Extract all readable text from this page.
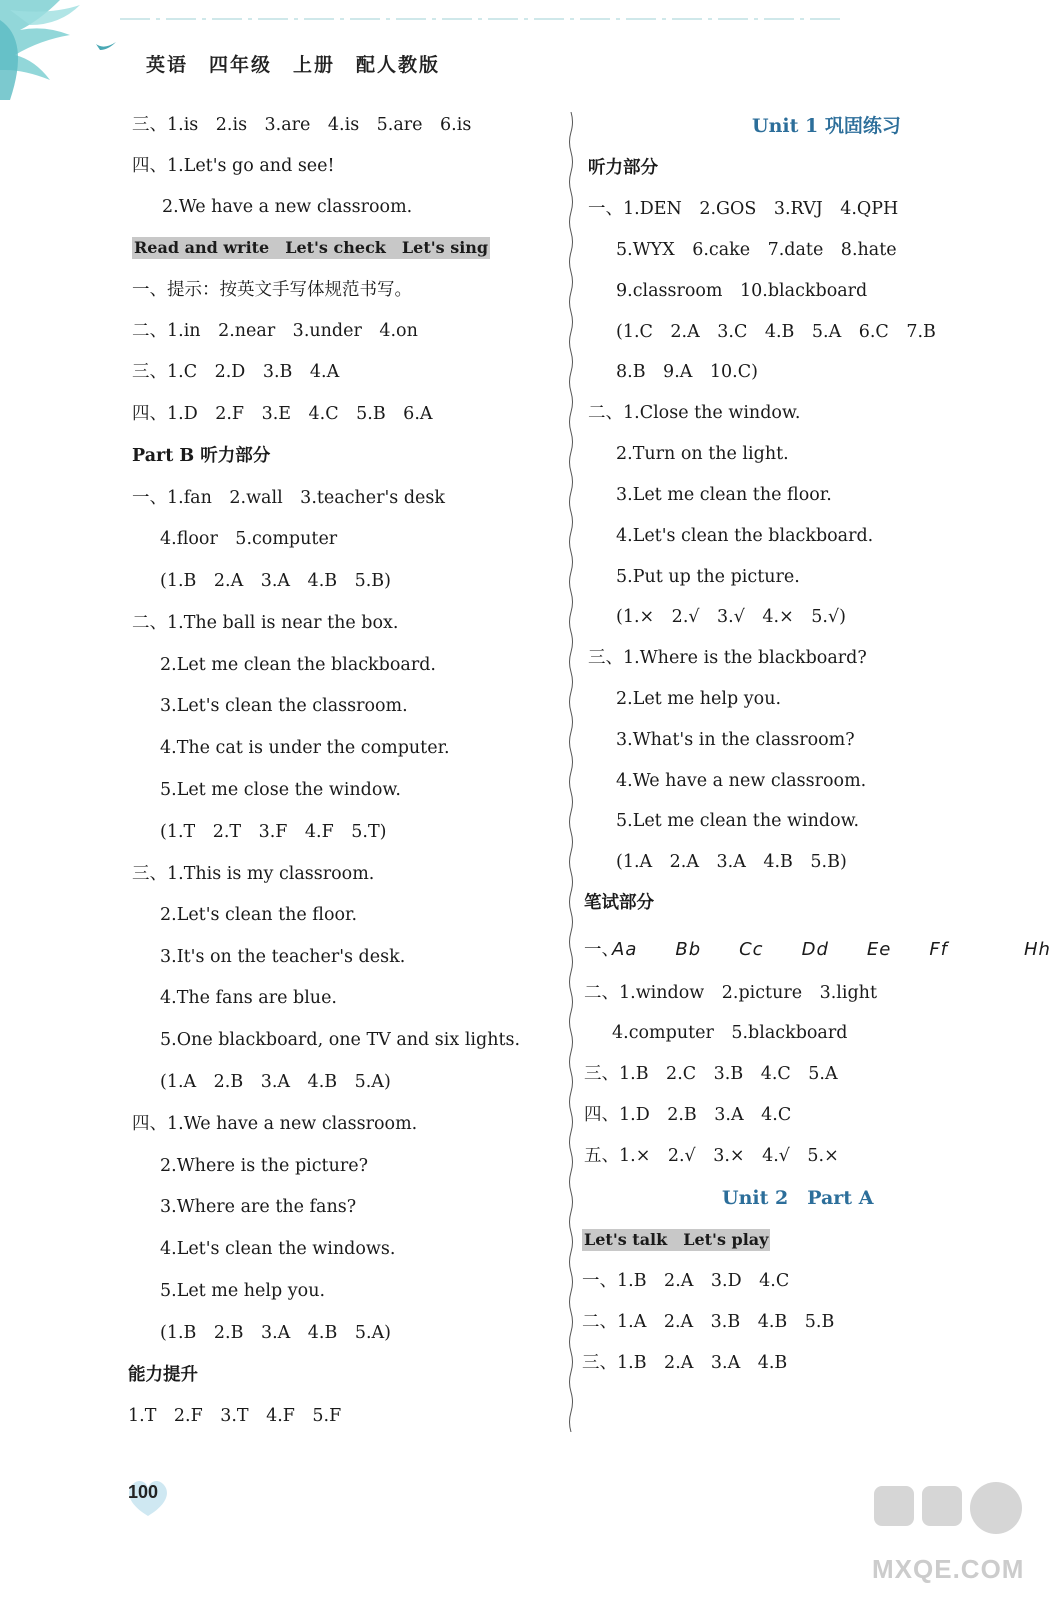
英语　四年级　上册　配人教版
三、1.is　2.is　3.are　4.is　5.are　6.is
四、1.Let's go and see!
2.We have a new classroom.
Read and write　Let's check　Let's sing
一、提示：按英文手写体规范书写。
二、1.in　2.near　3.under　4.on
三、1.C　2.D　3.B　4.A
四、1.D　2.F　3.E　4.C　5.B　6.A
Part B 听力部分
一、1.fan　2.wall　3.teacher's desk
4.floor　5.computer
(1.B　2.A　3.A　4.B　5.B)
二、1.The ball is near the box.
2.Let me clean the blackboard.
3.Let's clean the classroom.
4.The cat is under the computer.
5.Let me close the window.
(1.T　2.T　3.F　4.F　5.T)
三、1.This is my classroom.
2.Let's clean the floor.
3.It's on the teacher's desk.
4.The fans are blue.
5.One blackboard, one TV and six lights.
(1.A　2.B　3.A　4.B　5.A)
四、1.We have a new classroom.
2.Where is the picture?
3.Where are the fans?
4.Let's clean the windows.
5.Let me help you.
(1.B　2.B　3.A　4.B　5.A)
能力提升
1.T　2.F　3.T　4.F　5.F
Unit 1 巩固练习
听力部分
一、1.DEN　2.GOS　3.RVJ　4.QPH
5.WYX　6.cake　7.date　8.hate
9.classroom　10.blackboard
(1.C　2.A　3.C　4.B　5.A　6.C　7.B
8.B　9.A　10.C)
二、1.Close the window.
2.Turn on the light.
3.Let me clean the floor.
4.Let's clean the blackboard.
5.Put up the picture.
(1.×　2.√　3.√　4.×　5.√)
三、1.Where is the blackboard?
2.Let me help you.
3.What's in the classroom?
4.We have a new classroom.
5.Let me clean the window.
(1.A　2.A　3.A　4.B　5.B)
笔试部分
一、
Aa　　Bb　　Cc　　Dd　　Ee　　Ff　　　　Hh
二、1.window　2.picture　3.light
4.computer　5.blackboard
三、1.B　2.C　3.B　4.C　5.A
四、1.D　2.B　3.A　4.C
五、1.×　2.√　3.×　4.√　5.×
Unit 2　Part A
Let's talk　Let's play
一、1.B　2.A　3.D　4.C
二、1.A　2.A　3.B　4.B　5.B
三、1.B　2.A　3.A　4.B
100
MXQE.COM
